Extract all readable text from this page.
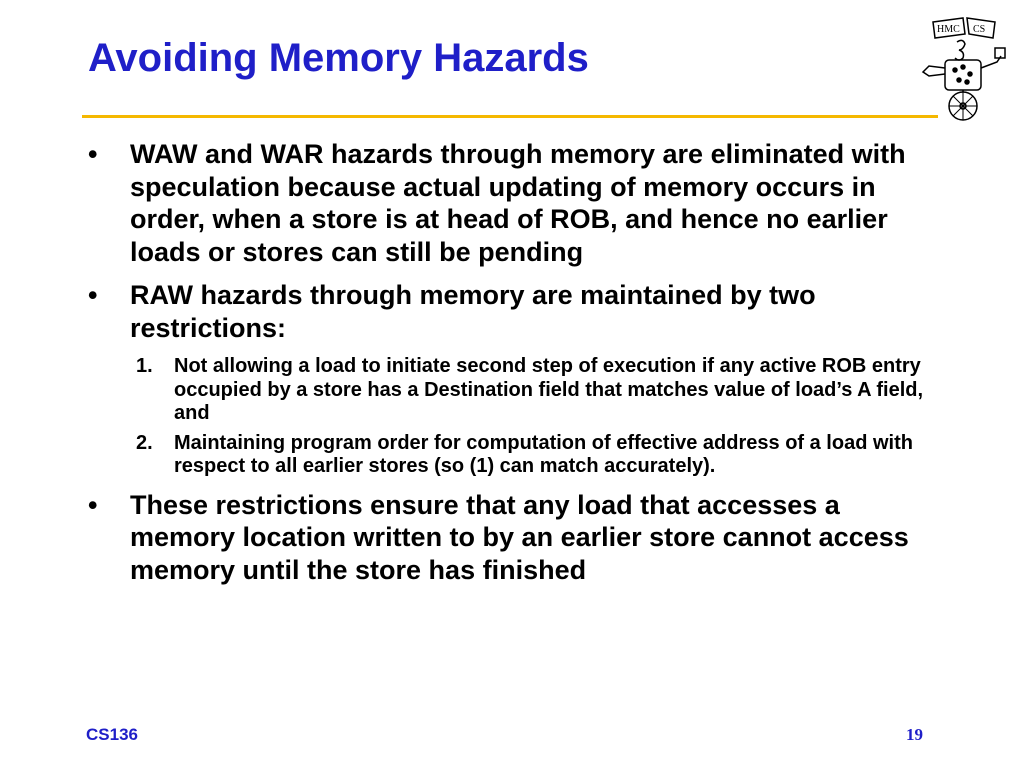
Avoiding Memory Hazards
HMC CS
•	WAW and WAR hazards through memory are eliminated with speculation because actual updating of memory occurs in order, when a store is at head of ROB, and hence no earlier loads or stores can still be pending
•	RAW hazards through memory are maintained by two restrictions:
1. Not allowing a load to initiate second step of execution if any active ROB entry occupied by a store has a Destination field that matches value of load’s A field, and
2. Maintaining program order for computation of effective address of a load with respect to all earlier stores (so (1) can match accurately).
•	These restrictions ensure that any load that accesses a memory location written to by an earlier store cannot access memory until the store has finished
CS136	19
